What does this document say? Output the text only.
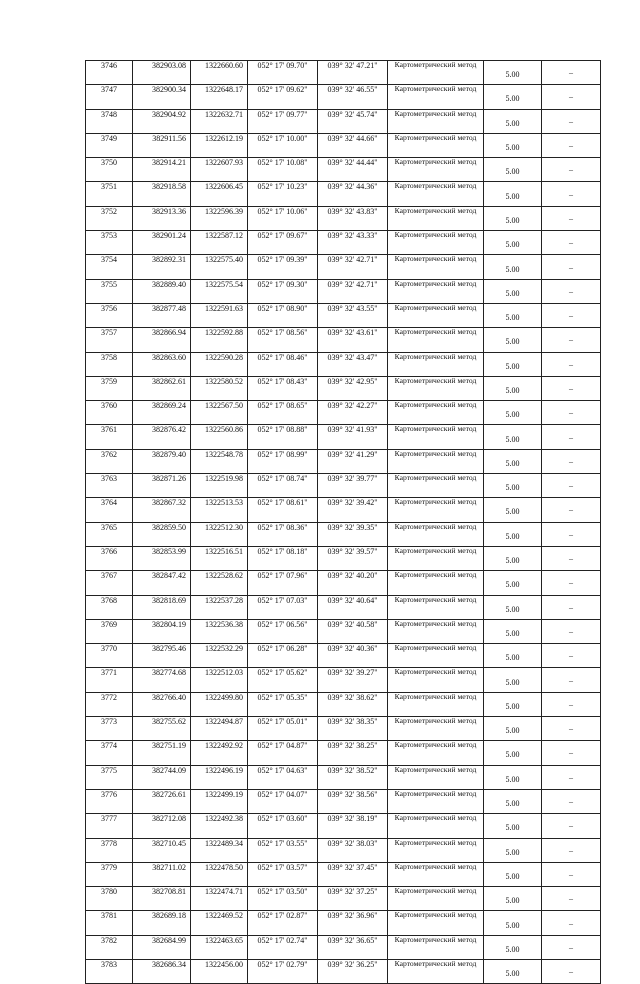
3746	382903.08	1322660.60	052° 17' 09.70"	039° 32' 47.21"	Картометрический метод	5.00	–
3747	382900.34	1322648.17	052° 17' 09.62"	039° 32' 46.55"	Картометрический метод	5.00	–
3748	382904.92	1322632.71	052° 17' 09.77"	039° 32' 45.74"	Картометрический метод	5.00	–
3749	382911.56	1322612.19	052° 17' 10.00"	039° 32' 44.66"	Картометрический метод	5.00	–
3750	382914.21	1322607.93	052° 17' 10.08"	039° 32' 44.44"	Картометрический метод	5.00	–
3751	382918.58	1322606.45	052° 17' 10.23"	039° 32' 44.36"	Картометрический метод	5.00	–
3752	382913.36	1322596.39	052° 17' 10.06"	039° 32' 43.83"	Картометрический метод	5.00	–
3753	382901.24	1322587.12	052° 17' 09.67"	039° 32' 43.33"	Картометрический метод	5.00	–
3754	382892.31	1322575.40	052° 17' 09.39"	039° 32' 42.71"	Картометрический метод	5.00	–
3755	382889.40	1322575.54	052° 17' 09.30"	039° 32' 42.71"	Картометрический метод	5.00	–
3756	382877.48	1322591.63	052° 17' 08.90"	039° 32' 43.55"	Картометрический метод	5.00	–
3757	382866.94	1322592.88	052° 17' 08.56"	039° 32' 43.61"	Картометрический метод	5.00	–
3758	382863.60	1322590.28	052° 17' 08.46"	039° 32' 43.47"	Картометрический метод	5.00	–
3759	382862.61	1322580.52	052° 17' 08.43"	039° 32' 42.95"	Картометрический метод	5.00	–
3760	382869.24	1322567.50	052° 17' 08.65"	039° 32' 42.27"	Картометрический метод	5.00	–
3761	382876.42	1322560.86	052° 17' 08.88"	039° 32' 41.93"	Картометрический метод	5.00	–
3762	382879.40	1322548.78	052° 17' 08.99"	039° 32' 41.29"	Картометрический метод	5.00	–
3763	382871.26	1322519.98	052° 17' 08.74"	039° 32' 39.77"	Картометрический метод	5.00	–
3764	382867.32	1322513.53	052° 17' 08.61"	039° 32' 39.42"	Картометрический метод	5.00	–
3765	382859.50	1322512.30	052° 17' 08.36"	039° 32' 39.35"	Картометрический метод	5.00	–
3766	382853.99	1322516.51	052° 17' 08.18"	039° 32' 39.57"	Картометрический метод	5.00	–
3767	382847.42	1322528.62	052° 17' 07.96"	039° 32' 40.20"	Картометрический метод	5.00	–
3768	382818.69	1322537.28	052° 17' 07.03"	039° 32' 40.64"	Картометрический метод	5.00	–
3769	382804.19	1322536.38	052° 17' 06.56"	039° 32' 40.58"	Картометрический метод	5.00	–
3770	382795.46	1322532.29	052° 17' 06.28"	039° 32' 40.36"	Картометрический метод	5.00	–
3771	382774.68	1322512.03	052° 17' 05.62"	039° 32' 39.27"	Картометрический метод	5.00	–
3772	382766.40	1322499.80	052° 17' 05.35"	039° 32' 38.62"	Картометрический метод	5.00	–
3773	382755.62	1322494.87	052° 17' 05.01"	039° 32' 38.35"	Картометрический метод	5.00	–
3774	382751.19	1322492.92	052° 17' 04.87"	039° 32' 38.25"	Картометрический метод	5.00	–
3775	382744.09	1322496.19	052° 17' 04.63"	039° 32' 38.52"	Картометрический метод	5.00	–
3776	382726.61	1322499.19	052° 17' 04.07"	039° 32' 38.56"	Картометрический метод	5.00	–
3777	382712.08	1322492.38	052° 17' 03.60"	039° 32' 38.19"	Картометрический метод	5.00	–
3778	382710.45	1322489.34	052° 17' 03.55"	039° 32' 38.03"	Картометрический метод	5.00	–
3779	382711.02	1322478.50	052° 17' 03.57"	039° 32' 37.45"	Картометрический метод	5.00	–
3780	382708.81	1322474.71	052° 17' 03.50"	039° 32' 37.25"	Картометрический метод	5.00	–
3781	382689.18	1322469.52	052° 17' 02.87"	039° 32' 36.96"	Картометрический метод	5.00	–
3782	382684.99	1322463.65	052° 17' 02.74"	039° 32' 36.65"	Картометрический метод	5.00	–
3783	382686.34	1322456.00	052° 17' 02.79"	039° 32' 36.25"	Картометрический метод	5.00	–
